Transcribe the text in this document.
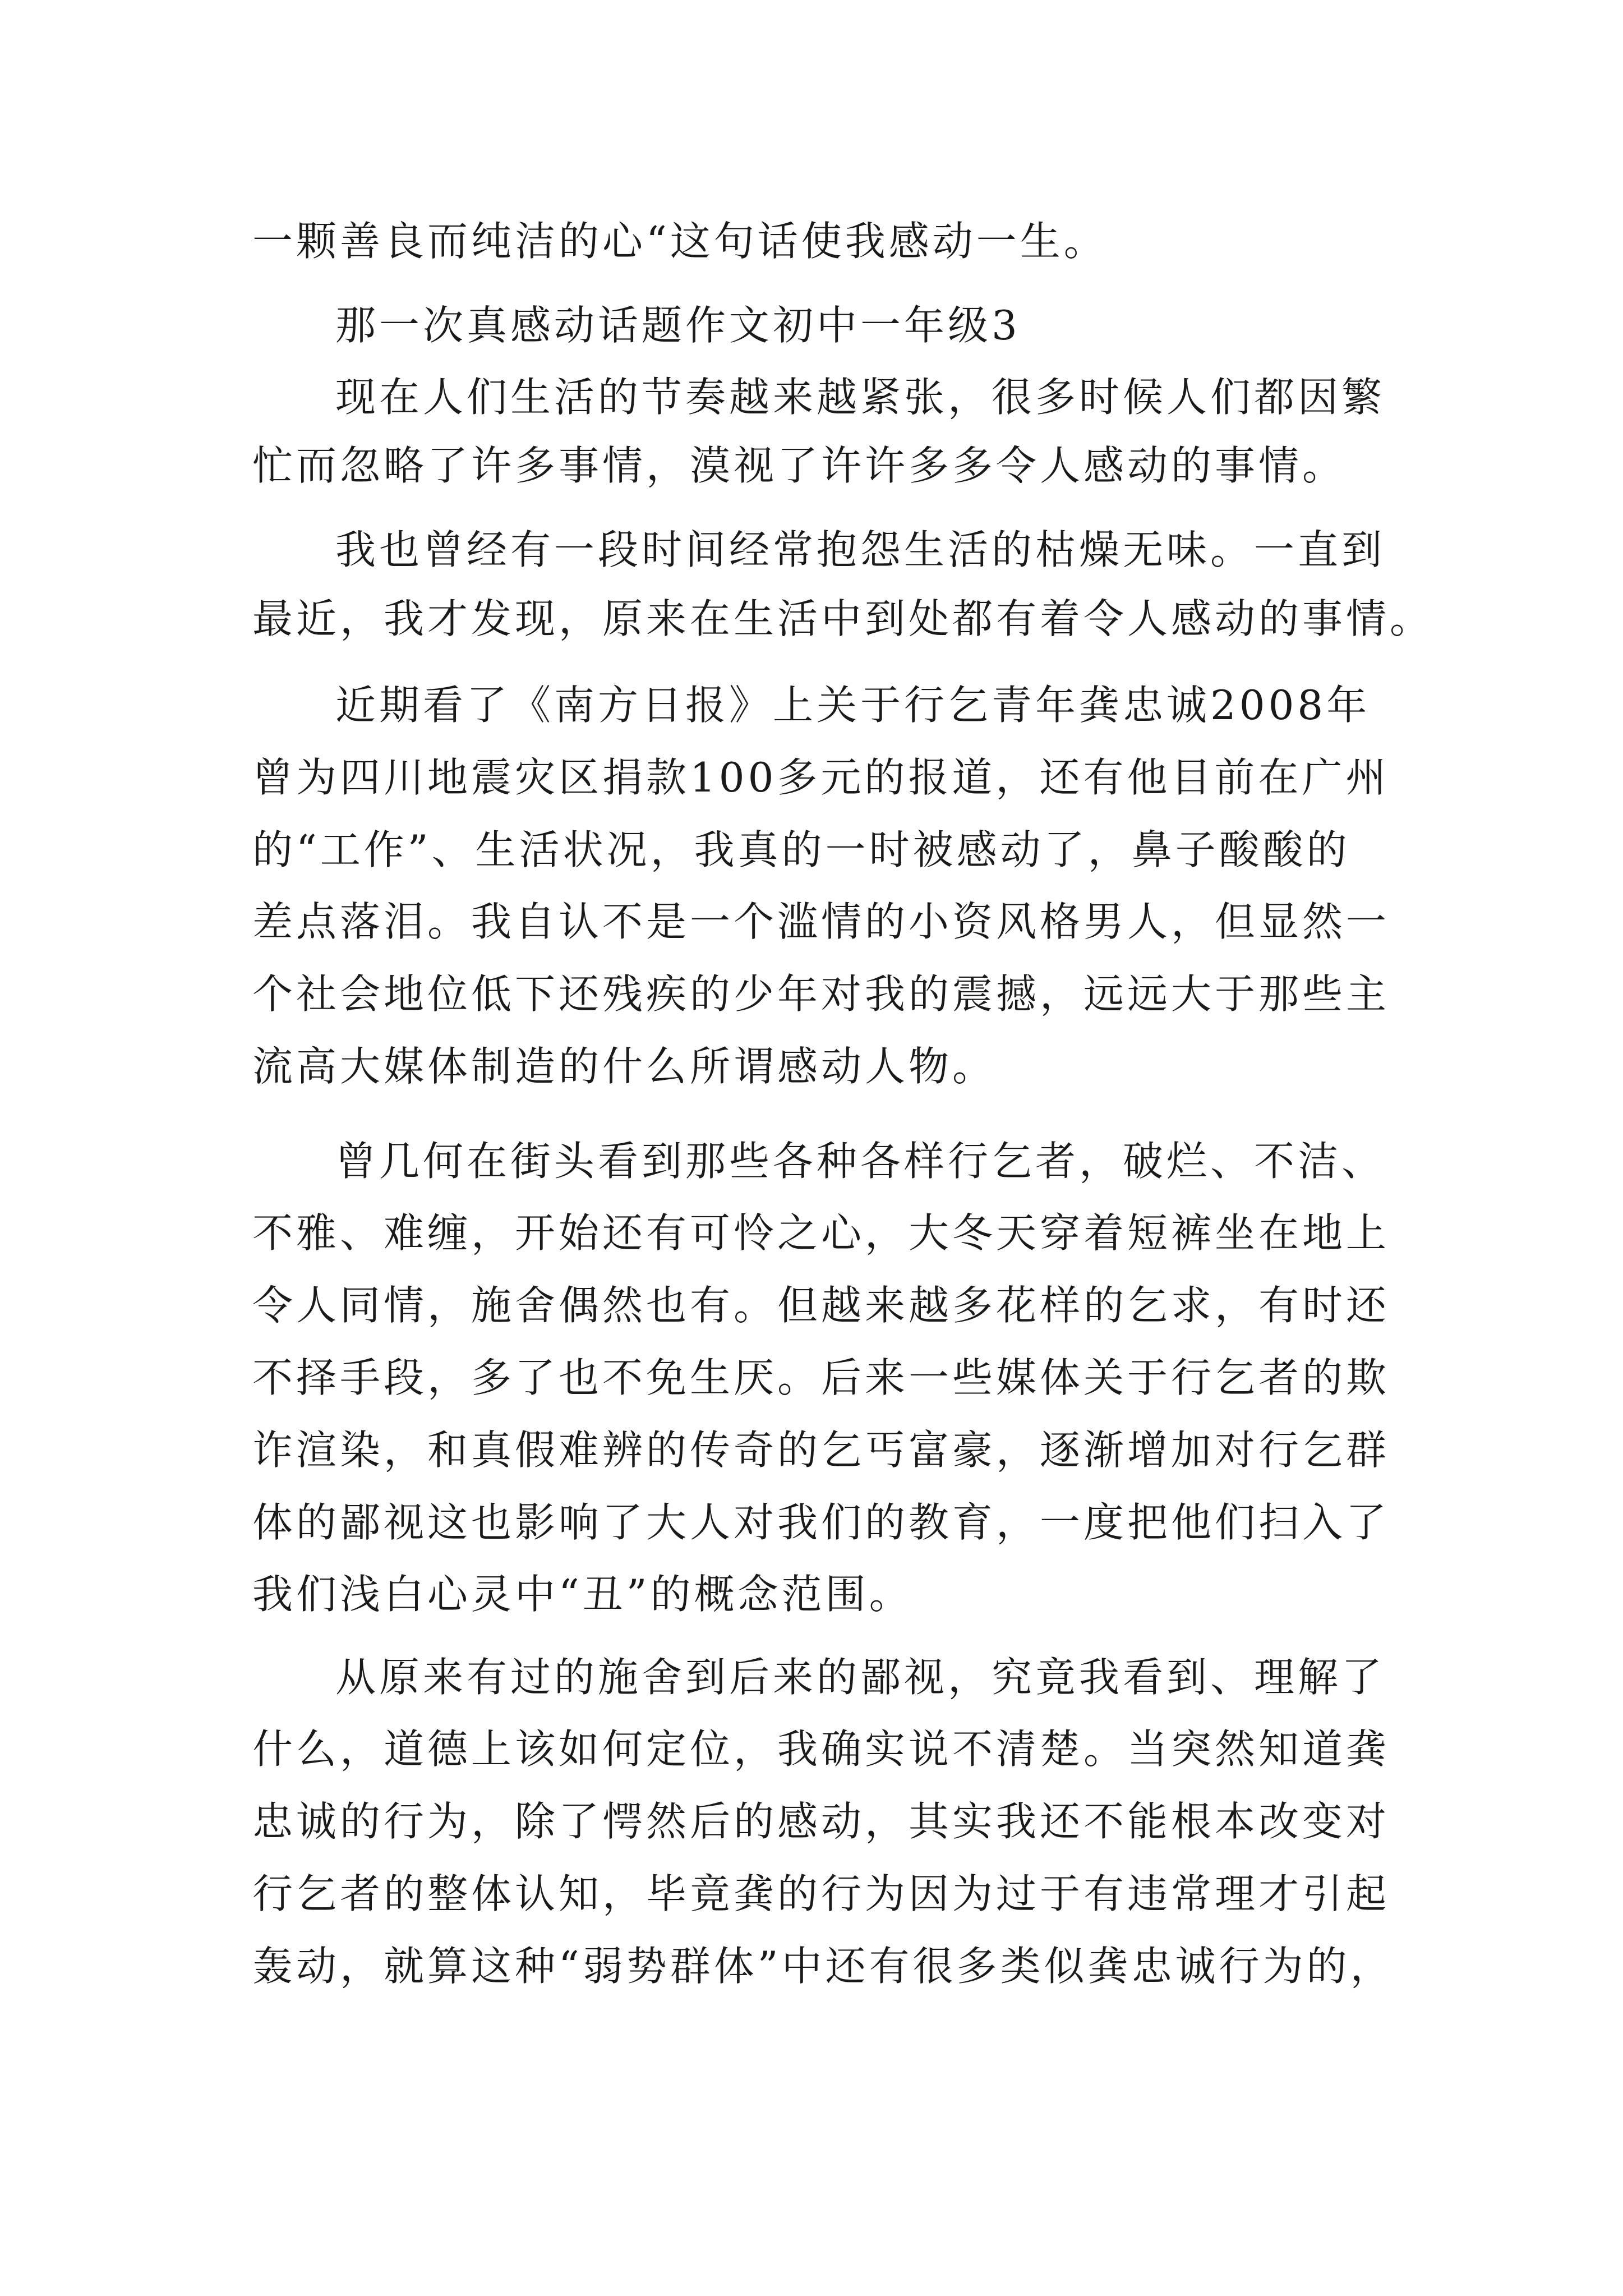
一颗善良而纯洁的心“这句话使我感动一生。
那一次真感动话题作文初中一年级3
现在人们生活的节奏越来越紧张，很多时候人们都因繁
忙而忽略了许多事情，漠视了许许多多令人感动的事情。
我也曾经有一段时间经常抱怨生活的枯燥无味。一直到
最近，我才发现，原来在生活中到处都有着令人感动的事情。
近期看了《南方日报》上关于行乞青年龚忠诚2008年
曾为四川地震灾区捐款100多元的报道，还有他目前在广州
的“工作”、生活状况，我真的一时被感动了，鼻子酸酸的
差点落泪。我自认不是一个滥情的小资风格男人，但显然一
个社会地位低下还残疾的少年对我的震撼，远远大于那些主
流高大媒体制造的什么所谓感动人物。
曾几何在街头看到那些各种各样行乞者，破烂、不洁、
不雅、难缠，开始还有可怜之心，大冬天穿着短裤坐在地上
令人同情，施舍偶然也有。但越来越多花样的乞求，有时还
不择手段，多了也不免生厌。后来一些媒体关于行乞者的欺
诈渲染，和真假难辨的传奇的乞丐富豪，逐渐增加对行乞群
体的鄙视这也影响了大人对我们的教育，一度把他们扫入了
我们浅白心灵中“丑”的概念范围。
从原来有过的施舍到后来的鄙视，究竟我看到、理解了
什么，道德上该如何定位，我确实说不清楚。当突然知道龚
忠诚的行为，除了愕然后的感动，其实我还不能根本改变对
行乞者的整体认知，毕竟龚的行为因为过于有违常理才引起
轰动，就算这种“弱势群体”中还有很多类似龚忠诚行为的，
